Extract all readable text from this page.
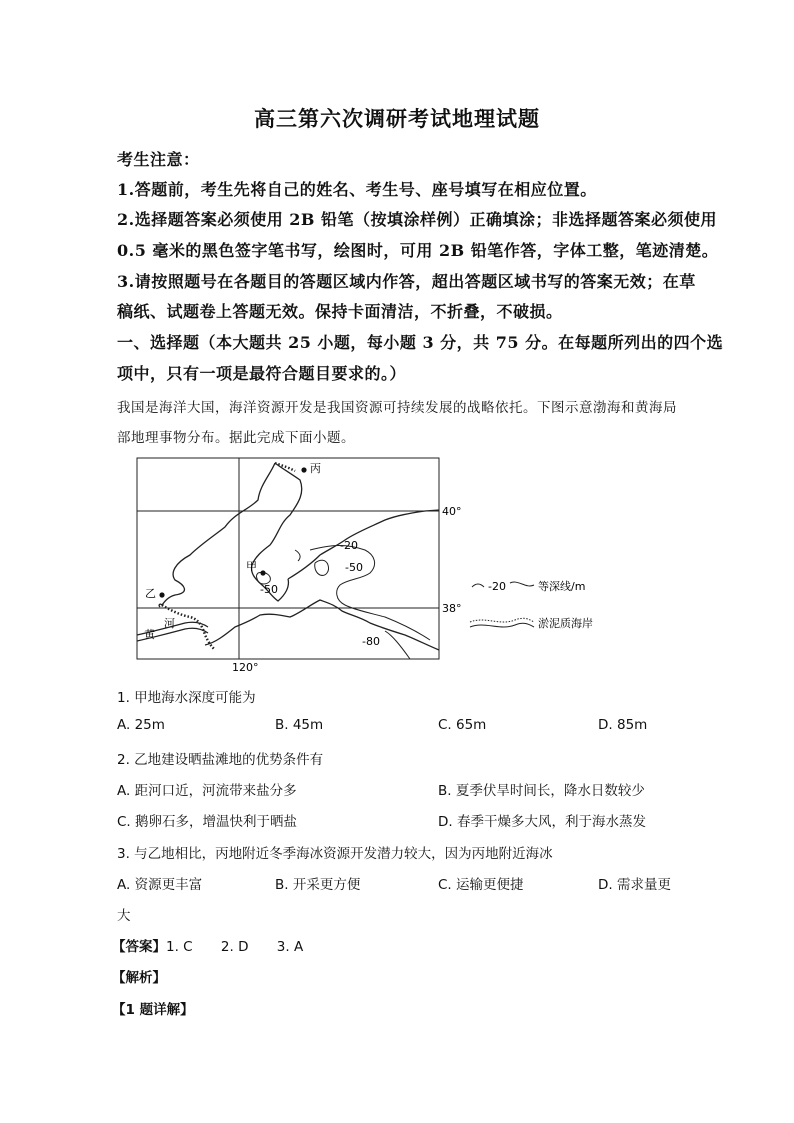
高三第六次调研考试地理试题
考生注意：
1.答题前，考生先将自己的姓名、考生号、座号填写在相应位置。
2.选择题答案必须使用 2B 铅笔（按填涂样例）正确填涂；非选择题答案必须使用
0.5 毫米的黑色签字笔书写，绘图时，可用 2B 铅笔作答，字体工整，笔迹清楚。
3.请按照题号在各题目的答题区域内作答，超出答题区域书写的答案无效；在草
稿纸、试题卷上答题无效。保持卡面清洁，不折叠，不破损。
一、选择题（本大题共 25 小题，每小题 3 分，共 75 分。在每题所列出的四个选
项中，只有一项是最符合题目要求的。）
我国是海洋大国，海洋资源开发是我国资源可持续发展的战略依托。下图示意渤海和黄海局
部地理事物分布。据此完成下面小题。
40°
38°
120°
-20
-50
-50
-80
甲
乙
丙
黄
河
-20	等深线/m
淤泥质海岸
1. 甲地海水深度可能为
A. 25m	B. 45m	C. 65m	D. 85m
2. 乙地建设晒盐滩地的优势条件有
A. 距河口近，河流带来盐分多	B. 夏季伏旱时间长，降水日数较少
C. 鹅卵石多，增温快利于晒盐	D. 春季干燥多大风，利于海水蒸发
3. 与乙地相比，丙地附近冬季海冰资源开发潜力较大，因为丙地附近海冰
A. 资源更丰富	B. 开采更方便	C. 运输更便捷	D. 需求量更
大
【答案】1. C 2. D 3. A
【解析】
【1 题详解】
